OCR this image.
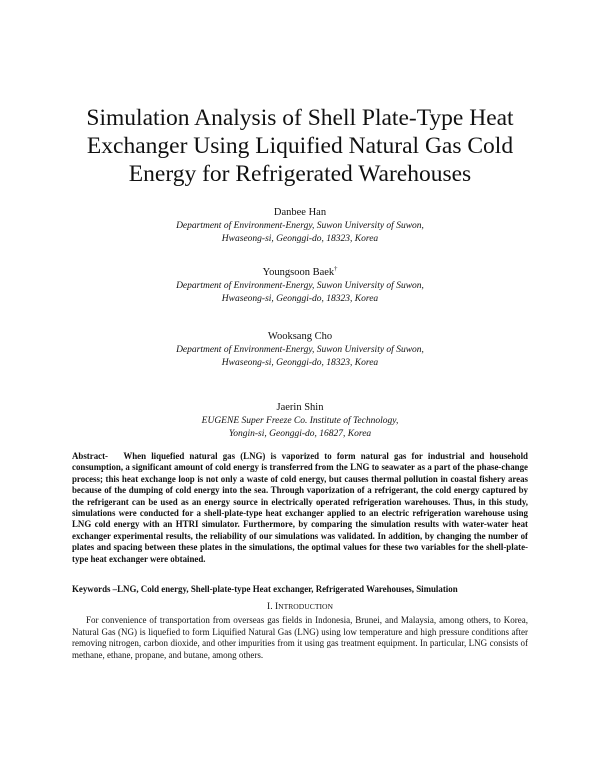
Simulation Analysis of Shell Plate-Type Heat
Exchanger Using Liquified Natural Gas Cold
Energy for Refrigerated Warehouses
Danbee Han
Department of Environment-Energy, Suwon University of Suwon,
Hwaseong-si, Geonggi-do, 18323, Korea
Youngsoon Baek†
Department of Environment-Energy, Suwon University of Suwon,
Hwaseong-si, Geonggi-do, 18323, Korea
Wooksang Cho
Department of Environment-Energy, Suwon University of Suwon,
Hwaseong-si, Geonggi-do, 18323, Korea
Jaerin Shin
EUGENE Super Freeze Co. Institute of Technology,
Yongin-si, Geonggi-do, 16827, Korea

Abstract- When liquefied natural gas (LNG) is vaporized to form natural gas for industrial and household consumption, a significant amount of cold energy is transferred from the LNG to seawater as a part of the phase-change process; this heat exchange loop is not only a waste of cold energy, but causes thermal pollution in coastal fishery areas because of the dumping of cold energy into the sea. Through vaporization of a refrigerant, the cold energy captured by the refrigerant can be used as an energy source in electrically operated refrigeration warehouses. Thus, in this study, simulations were conducted for a shell-plate-type heat exchanger applied to an electric refrigeration warehouse using LNG cold energy with an HTRI simulator. Furthermore, by comparing the simulation results with water-water heat exchanger experimental results, the reliability of our simulations was validated. In addition, by changing the number of plates and spacing between these plates in the simulations, the optimal values for these two variables for the shell-plate-type heat exchanger were obtained.

Keywords –LNG, Cold energy, Shell-plate-type Heat exchanger, Refrigerated Warehouses, Simulation

I. INTRODUCTION

For convenience of transportation from overseas gas fields in Indonesia, Brunei, and Malaysia, among others, to Korea, Natural Gas (NG) is liquefied to form Liquified Natural Gas (LNG) using low temperature and high pressure conditions after removing nitrogen, carbon dioxide, and other impurities from it using gas treatment equipment. In particular, LNG consists of methane, ethane, propane, and butane, among others.
